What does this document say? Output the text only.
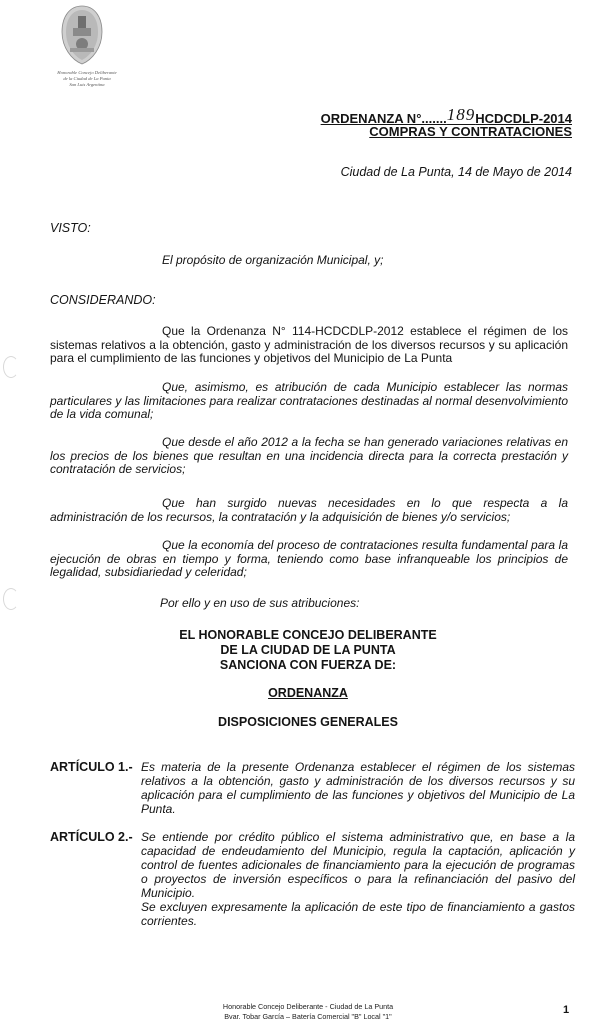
Honorable Concejo Deliberante
de la Ciudad de La Punta
San Luis Argentina
ORDENANZA N°.......189HCDCDLP-2014
COMPRAS Y CONTRATACIONES
Ciudad de La Punta, 14 de Mayo de 2014
VISTO:
El propósito de organización Municipal, y;
CONSIDERANDO:
Que la Ordenanza N° 114-HCDCDLP-2012 establece el régimen de los sistemas relativos a la obtención, gasto y administración de los diversos recursos y su aplicación para el cumplimiento de las funciones y objetivos del Municipio de La Punta
Que, asimismo, es atribución de cada Municipio establecer las normas particulares y las limitaciones para realizar contrataciones destinadas al normal desenvolvimiento de la vida comunal;
Que desde el año 2012 a la fecha se han generado variaciones relativas en los precios de los bienes que resultan en una incidencia directa para la correcta prestación y contratación de servicios;
Que han surgido nuevas necesidades en lo que respecta a la administración de los recursos, la contratación y la adquisición de bienes y/o servicios;
Que la economía del proceso de contrataciones resulta fundamental para la ejecución de obras en tiempo y forma, teniendo como base infranqueable los principios de legalidad, subsidiariedad y celeridad;
Por ello y en uso de sus atribuciones:
EL HONORABLE CONCEJO DELIBERANTE
DE LA CIUDAD DE LA PUNTA
SANCIONA CON FUERZA DE:
ORDENANZA
DISPOSICIONES GENERALES
ARTÍCULO 1.- Es materia de la presente Ordenanza establecer el régimen de los sistemas relativos a la obtención, gasto y administración de los diversos recursos y su aplicación para el cumplimiento de las funciones y objetivos del Municipio de La Punta.

ARTÍCULO 2.- Se entiende por crédito público el sistema administrativo que, en base a la capacidad de endeudamiento del Municipio, regula la captación, aplicación y control de fuentes adicionales de financiamiento para la ejecución de programas o proyectos de inversión específicos o para la refinanciación del pasivo del Municipio.

Se excluyen expresamente la aplicación de este tipo de financiamiento a gastos corrientes.

Honorable Concejo Deliberante - Ciudad de La Punta
Bvar. Tobar García – Batería Comercial "B" Local "1"	1
